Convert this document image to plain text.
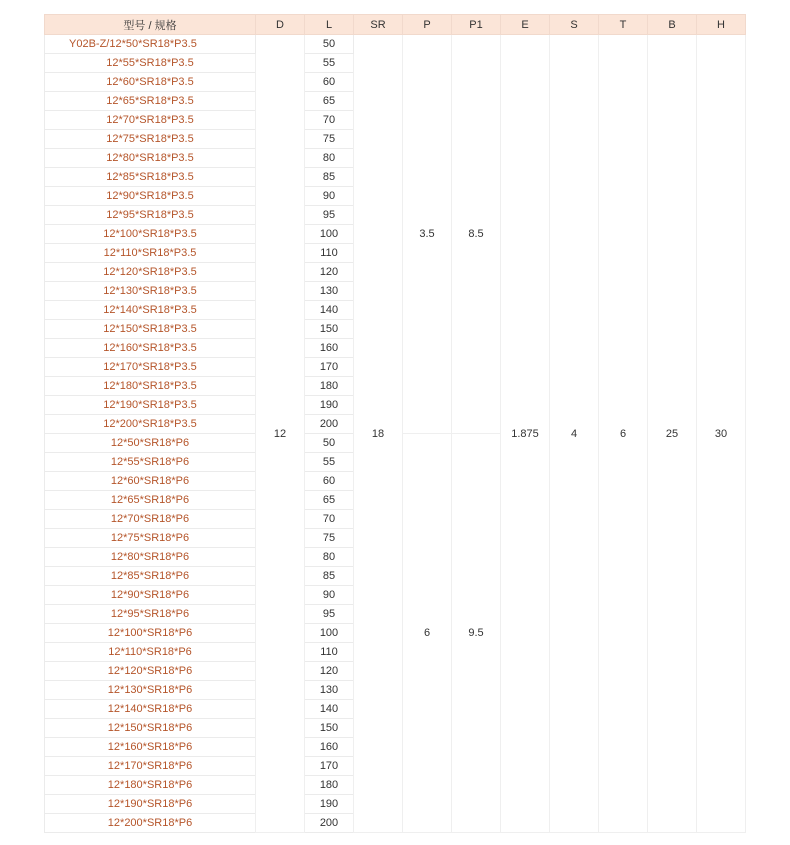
型号 / 规格	D	L	SR	P	P1	E	S	T	B	H
Y02B-Z/12*50*SR18*P3.5	12	50	18	3.5	8.5	1.875	4	6	25	30
12*55*SR18*P3.5		55								
12*60*SR18*P3.5		60								
12*65*SR18*P3.5		65								
12*70*SR18*P3.5		70								
12*75*SR18*P3.5		75								
12*80*SR18*P3.5		80								
12*85*SR18*P3.5		85								
12*90*SR18*P3.5		90								
12*95*SR18*P3.5		95								
12*100*SR18*P3.5		100								
12*110*SR18*P3.5		110								
12*120*SR18*P3.5		120								
12*130*SR18*P3.5		130								
12*140*SR18*P3.5		140								
12*150*SR18*P3.5		150								
12*160*SR18*P3.5		160								
12*170*SR18*P3.5		170								
12*180*SR18*P3.5		180								
12*190*SR18*P3.5		190								
12*200*SR18*P3.5		200								
12*50*SR18*P6		50		6	9.5					
12*55*SR18*P6		55								
12*60*SR18*P6		60								
12*65*SR18*P6		65								
12*70*SR18*P6		70								
12*75*SR18*P6		75								
12*80*SR18*P6		80								
12*85*SR18*P6		85								
12*90*SR18*P6		90								
12*95*SR18*P6		95								
12*100*SR18*P6		100								
12*110*SR18*P6		110								
12*120*SR18*P6		120								
12*130*SR18*P6		130								
12*140*SR18*P6		140								
12*150*SR18*P6		150								
12*160*SR18*P6		160								
12*170*SR18*P6		170								
12*180*SR18*P6		180								
12*190*SR18*P6		190								
12*200*SR18*P6		200								
